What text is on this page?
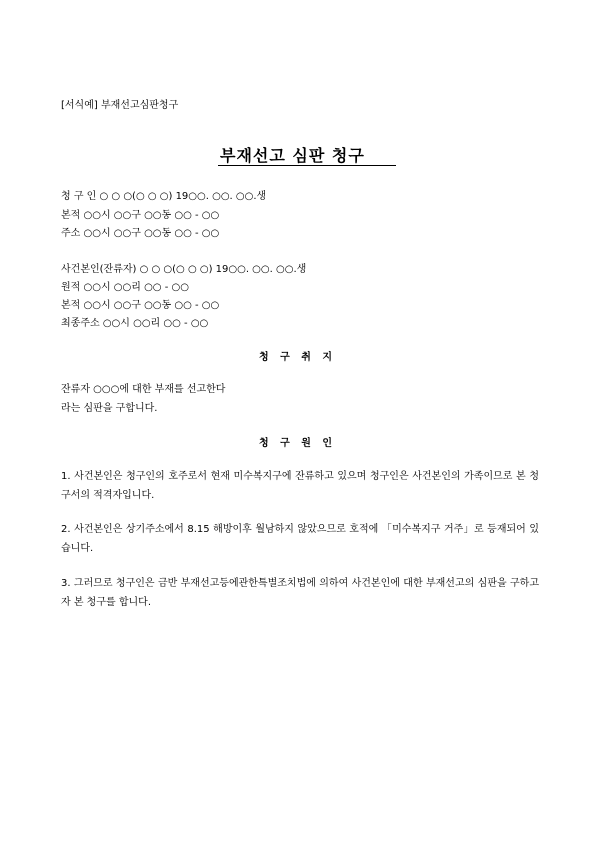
[서식예] 부재선고심판청구
부재선고 심판 청구
청 구 인 ○ ○ ○(○ ○ ○) 19○○. ○○. ○○.생
본적 ○○시 ○○구 ○○동 ○○ - ○○
주소 ○○시 ○○구 ○○동 ○○ - ○○
사건본인(잔류자) ○ ○ ○(○ ○ ○) 19○○. ○○. ○○.생
원적 ○○시 ○○리 ○○ - ○○
본적 ○○시 ○○구 ○○동 ○○ - ○○
최종주소 ○○시 ○○리 ○○ - ○○
청 구 취 지
잔류자 ○○○에 대한 부재를 선고한다
라는 심판을 구합니다.
청 구 원 인
1. 사건본인은 청구인의 호주로서 현재 미수복지구에 잔류하고 있으며 청구인은 사건본인의 가족이므로 본 청구서의 적격자입니다.
2. 사건본인은 상기주소에서 8.15 해방이후 월남하지 않았으므로 호적에 「미수복지구 거주」로 등재되어 있습니다.
3. 그러므로 청구인은 금반 부재선고등에관한특별조치법에 의하여 사건본인에 대한 부재선고의 심판을 구하고자 본 청구를 합니다.
